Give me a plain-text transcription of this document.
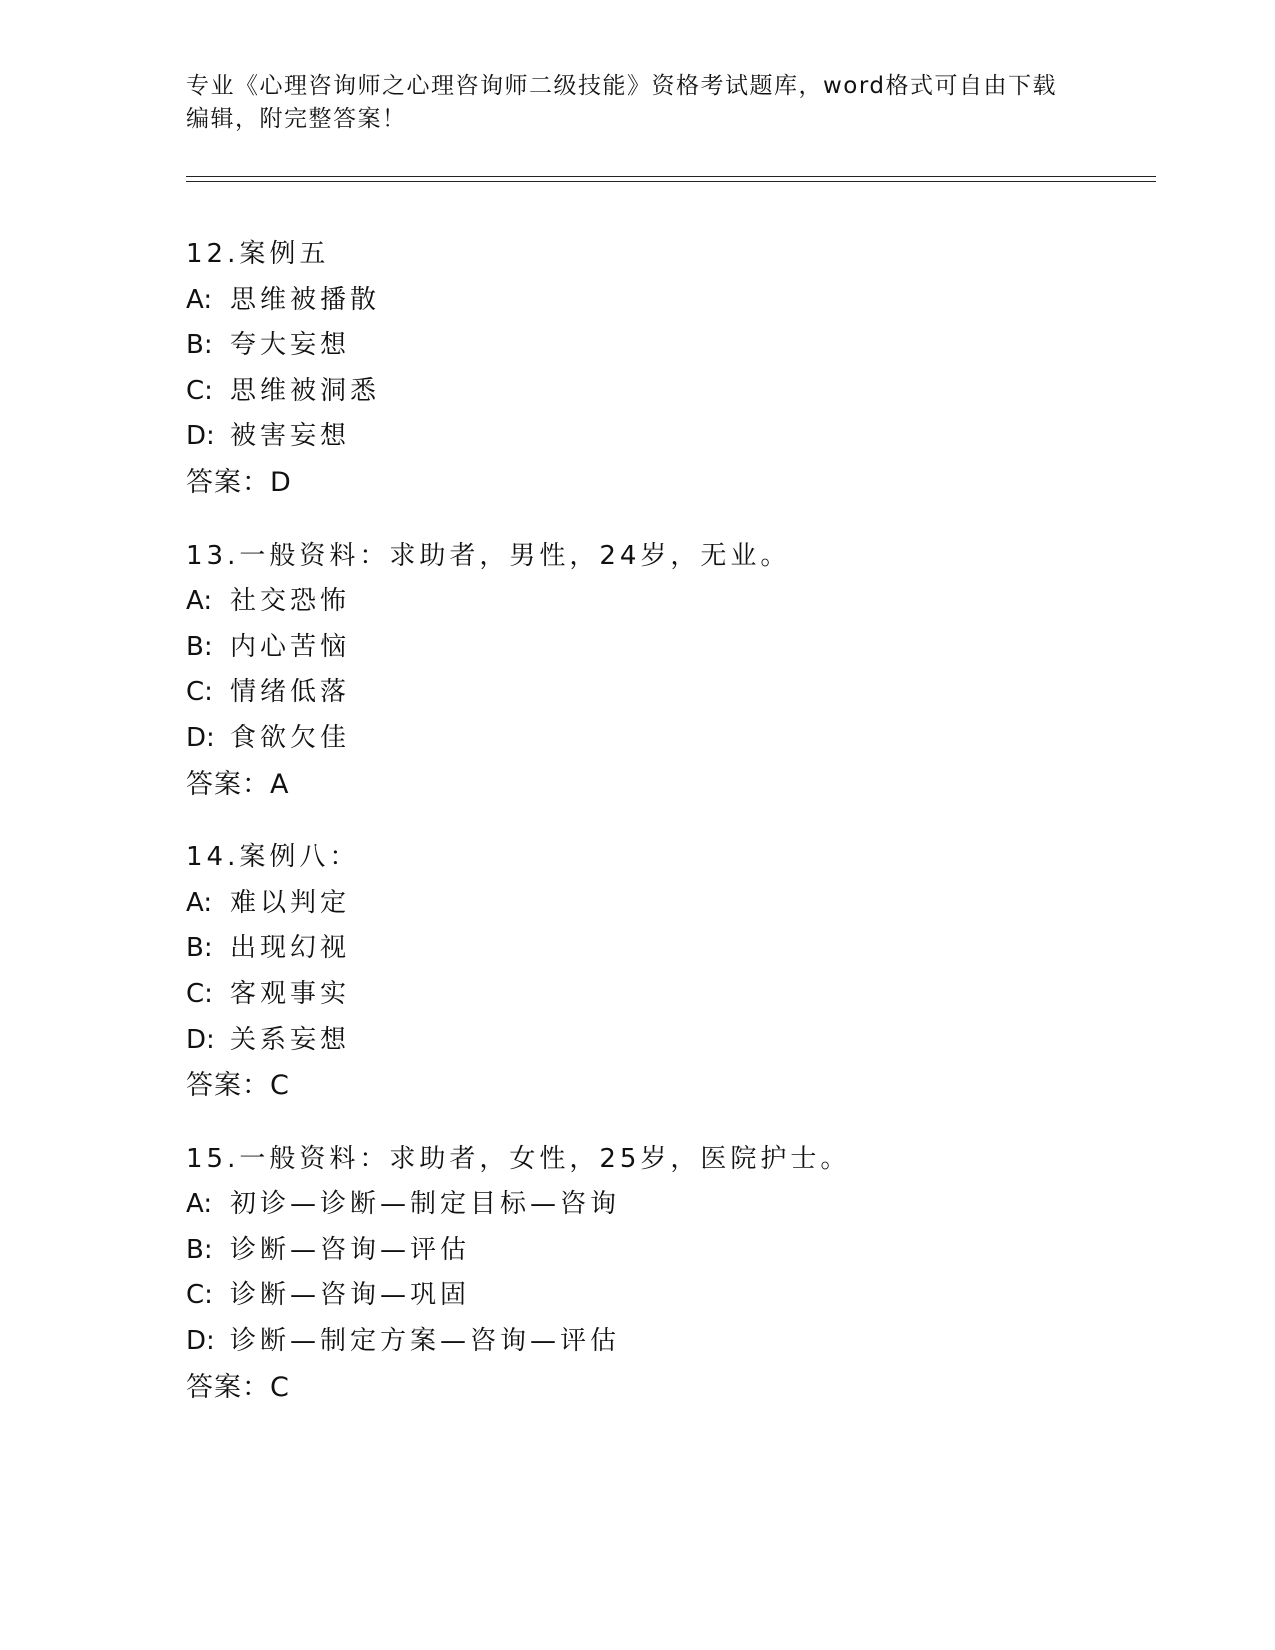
专业《心理咨询师之心理咨询师二级技能》资格考试题库，word格式可自由下载
编辑，附完整答案！
12.案例五
A: 思维被播散
B: 夸大妄想
C: 思维被洞悉
D: 被害妄想
答案：D
13.一般资料：求助者，男性，24岁，无业。
A: 社交恐怖
B: 内心苦恼
C: 情绪低落
D: 食欲欠佳
答案：A
14.案例八：
A: 难以判定
B: 出现幻视
C: 客观事实
D: 关系妄想
答案：C
15.一般资料：求助者，女性，25岁，医院护士。
A: 初诊—诊断—制定目标—咨询
B: 诊断—咨询—评估
C: 诊断—咨询—巩固
D: 诊断—制定方案—咨询—评估
答案：C
